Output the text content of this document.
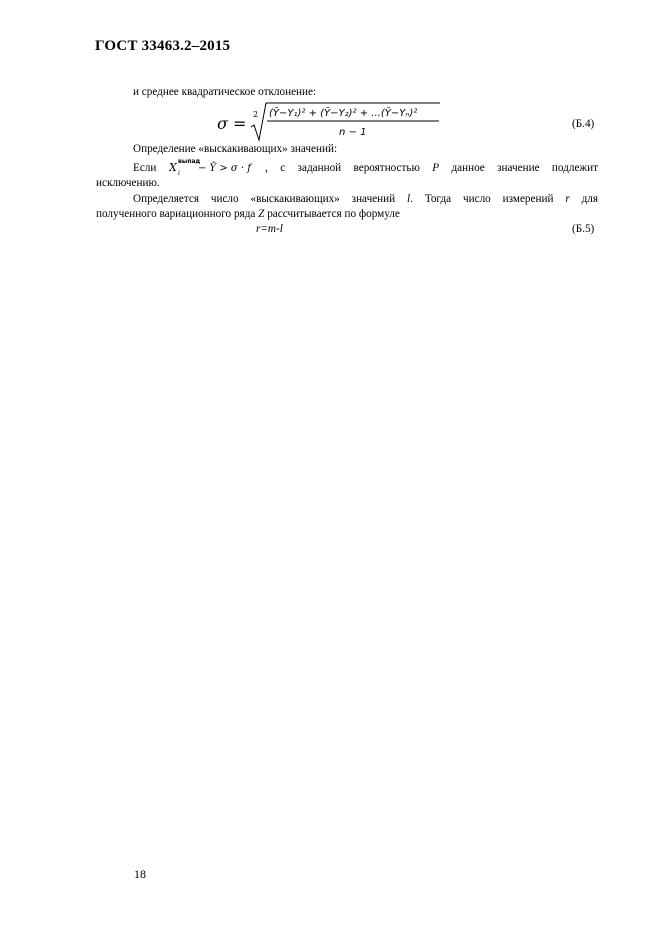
ГОСТ 33463.2–2015
и среднее квадратическое отклонение:
σ = 2 (Ȳ−Y₁)² + (Ȳ−Y₂)² + ...(Ȳ−Yₙ)²
n − 1
(Б.4)
Определение «выскакивающих» значений:
Если X выпад
i − Ȳ > σ · f , с заданной вероятностью P данное значение подлежит
исключению.
Определяется число «выскакивающих» значений l. Тогда число измерений r для
полученного вариационного ряда Z рассчитывается по формуле
r=m-l	(Б.5)
18
